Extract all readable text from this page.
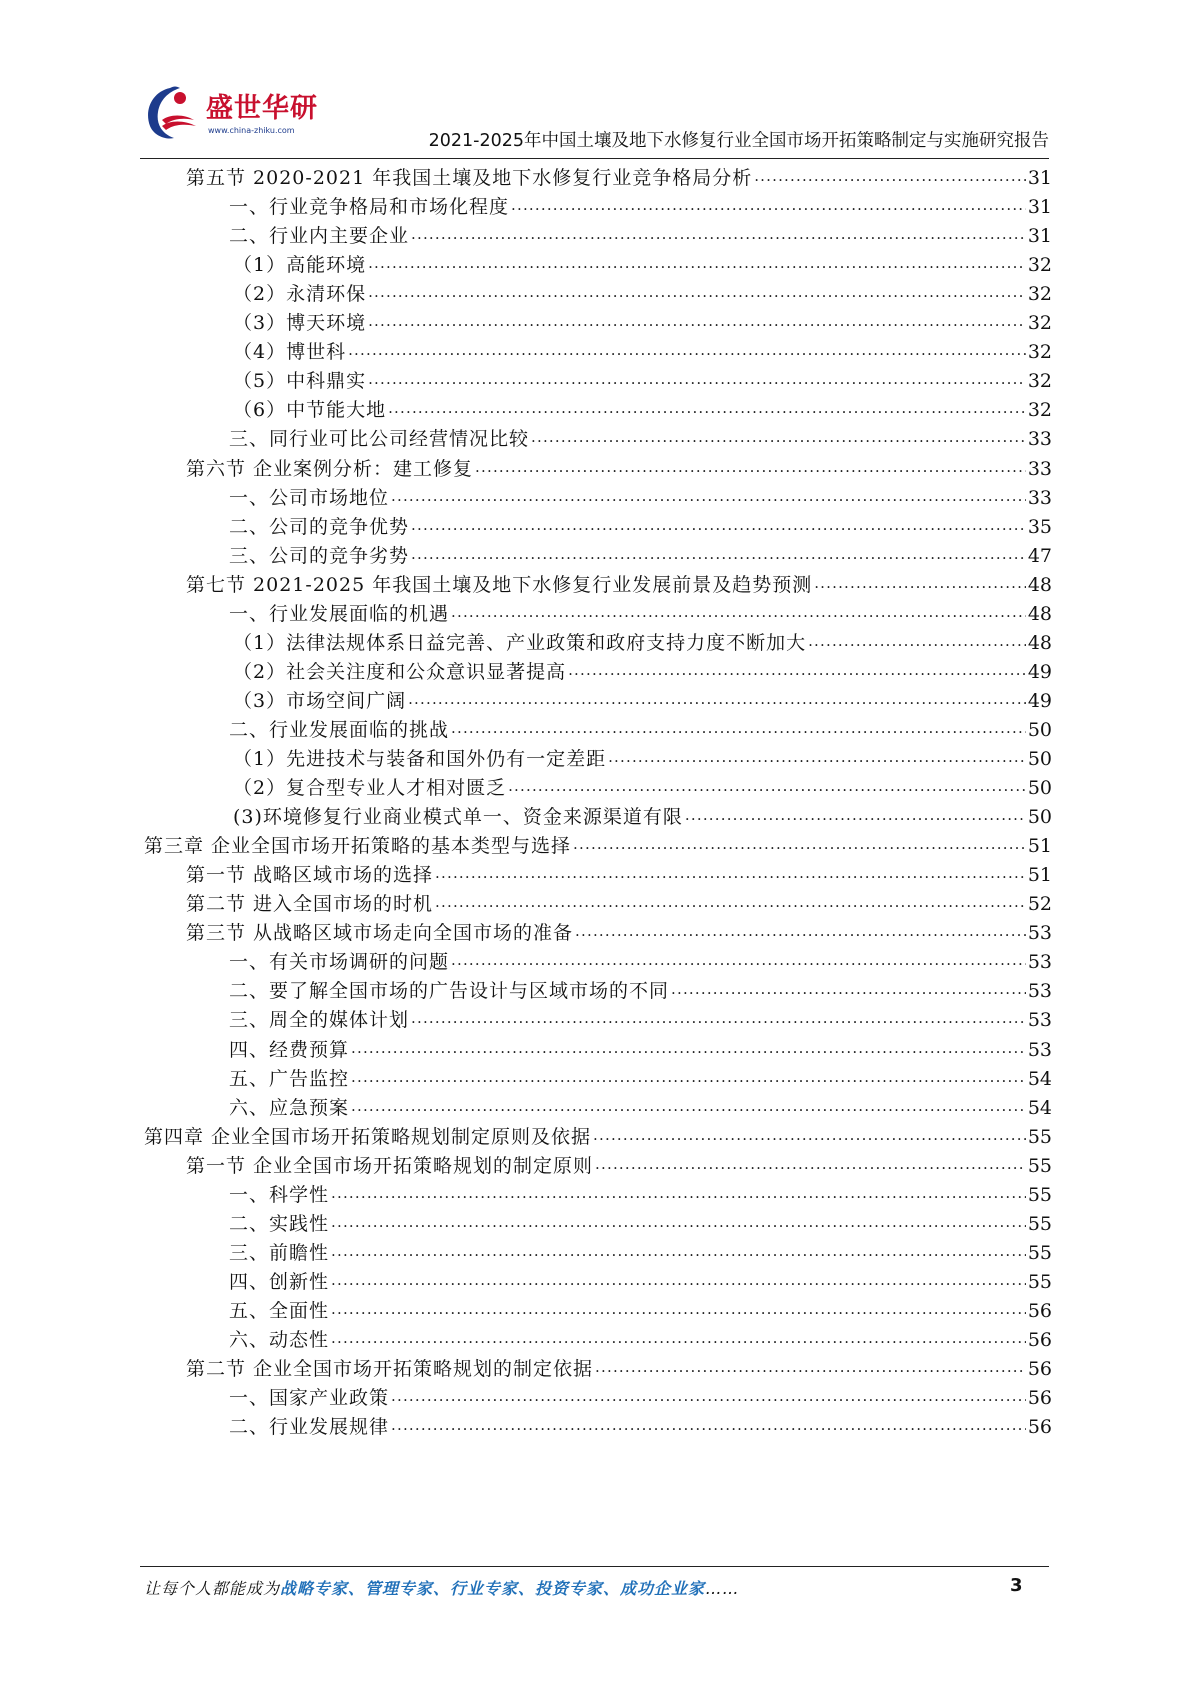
盛世华研
www.china-zhiku.com
2021-2025年中国土壤及地下水修复行业全国市场开拓策略制定与实施研究报告
第五节 2020-2021 年我国土壤及地下水修复行业竞争格局分析 .....	31
一、行业竞争格局和市场化程度 .....	31
二、行业内主要企业 .....	31
（1）高能环境 .....	32
（2）永清环保 .....	32
（3）博天环境 .....	32
（4）博世科 .....	32
（5）中科鼎实 .....	32
（6）中节能大地 .....	32
三、同行业可比公司经营情况比较 .....	33
第六节 企业案例分析：建工修复 .....	33
一、公司市场地位 .....	33
二、公司的竞争优势 .....	35
三、公司的竞争劣势 .....	47
第七节 2021-2025 年我国土壤及地下水修复行业发展前景及趋势预测 .....	48
一、行业发展面临的机遇 .....	48
（1）法律法规体系日益完善、产业政策和政府支持力度不断加大 .....	48
（2）社会关注度和公众意识显著提高 .....	49
（3）市场空间广阔 .....	49
二、行业发展面临的挑战 .....	50
（1）先进技术与装备和国外仍有一定差距 .....	50
（2）复合型专业人才相对匮乏 .....	50
(3)环境修复行业商业模式单一、资金来源渠道有限 .....	50
第三章 企业全国市场开拓策略的基本类型与选择 .....	51
第一节 战略区域市场的选择 .....	51
第二节 进入全国市场的时机 .....	52
第三节 从战略区域市场走向全国市场的准备 .....	53
一、有关市场调研的问题 .....	53
二、要了解全国市场的广告设计与区域市场的不同 .....	53
三、周全的媒体计划 .....	53
四、经费预算 .....	53
五、广告监控 .....	54
六、应急预案 .....	54
第四章 企业全国市场开拓策略规划制定原则及依据 .....	55
第一节 企业全国市场开拓策略规划的制定原则 .....	55
一、科学性 .....	55
二、实践性 .....	55
三、前瞻性 .....	55
四、创新性 .....	55
五、全面性 .....	56
六、动态性 .....	56
第二节 企业全国市场开拓策略规划的制定依据 .....	56
一、国家产业政策 .....	56
二、行业发展规律 .....	56
让每个人都能成为战略专家、管理专家、行业专家、投资专家、成功企业家……	3
